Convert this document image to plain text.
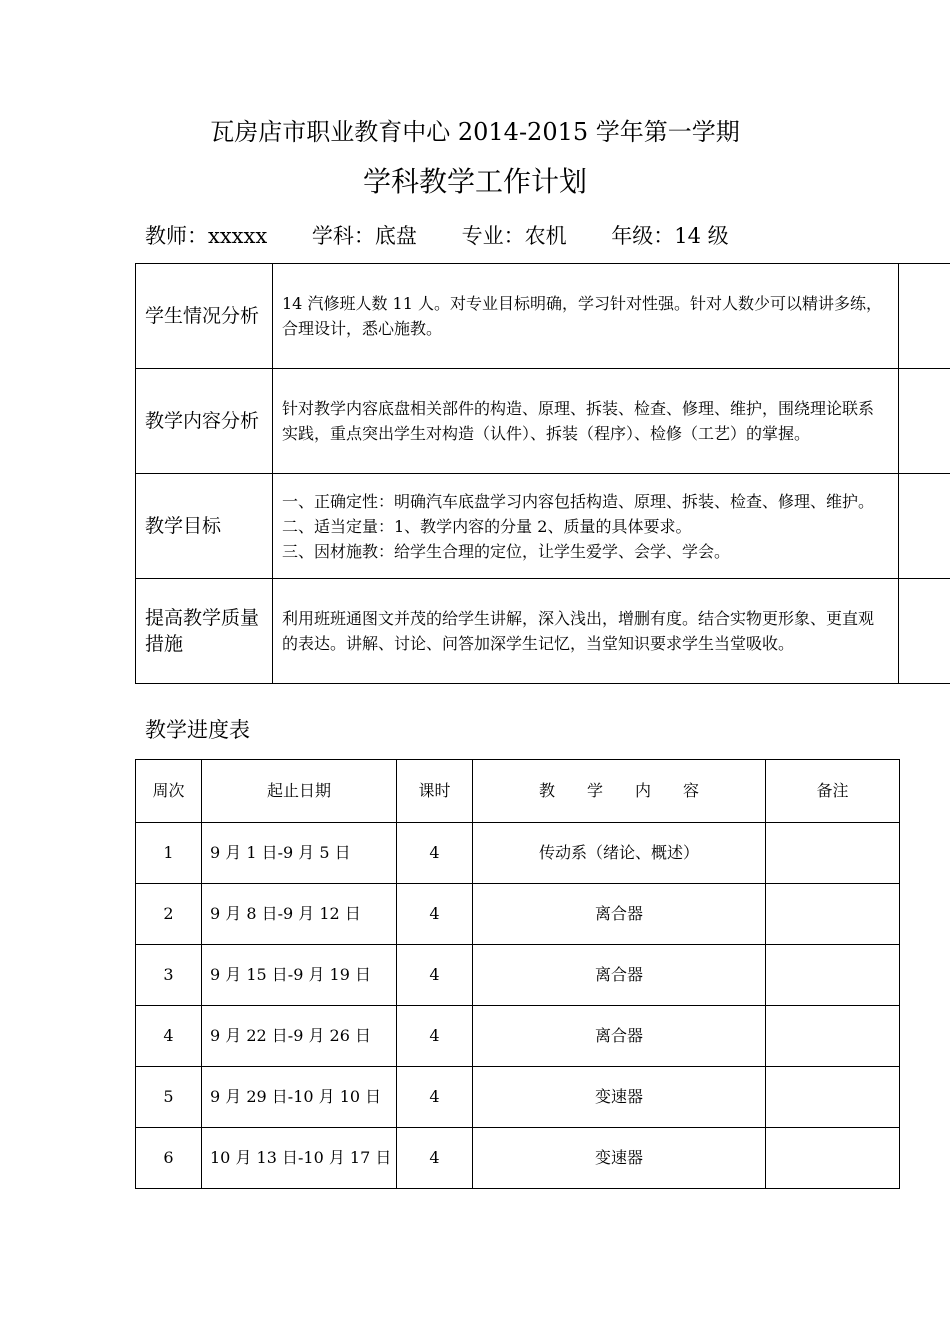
瓦房店市职业教育中心 2014-2015 学年第一学期
学科教学工作计划
教师：xxxxx 学科：底盘 专业：农机 年级：14 级
学生情况分析	14 汽修班人数 11 人。对专业目标明确，学习针对性强。针对人数少可以精讲多练，合理设计，悉心施教。	

教学内容分析	针对教学内容底盘相关部件的构造、原理、拆装、检查、修理、维护，围绕理论联系实践，重点突出学生对构造（认件）、拆装（程序）、检修（工艺）的掌握。	

教学目标	一、正确定性：明确汽车底盘学习内容包括构造、原理、拆装、检查、修理、维护。
二、适当定量：1、教学内容的分量 2、质量的具体要求。
三、因材施教：给学生合理的定位，让学生爱学、会学、学会。	

提高教学质量措施	利用班班通图文并茂的给学生讲解，深入浅出，增删有度。结合实物更形象、更直观的表达。讲解、讨论、问答加深学生记忆，当堂知识要求学生当堂吸收。	

教学进度表
周次	起止日期	课时	教　　学　　内　　容	备注
1	9 月 1 日-9 月 5 日	4	传动系（绪论、概述）	
2	9 月 8 日-9 月 12 日	4	离合器	
3	9 月 15 日-9 月 19 日	4	离合器	
4	9 月 22 日-9 月 26 日	4	离合器	
5	9 月 29 日-10 月 10 日	4	变速器	
6	10 月 13 日-10 月 17 日	4	变速器	
